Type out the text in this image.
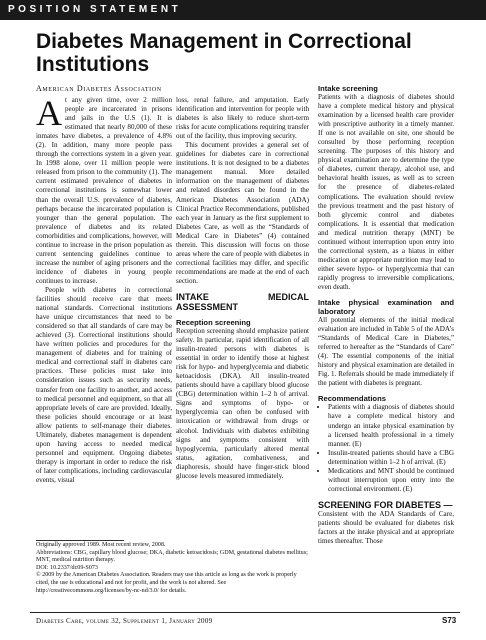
POSITION STATEMENT
Diabetes Management in Correctional Institutions
American Diabetes Association
A t any given time, over 2 million people are incarcerated in prisons and jails in the U.S (1). It is estimated that nearly 80,000 of these inmates have diabetes, a prevalence of 4.8% (2). In addition, many more people pass through the corrections system in a given year. In 1998 alone, over 11 million people were released from prison to the community (1). The current estimated prevalence of diabetes in correctional institutions is somewhat lower than the overall U.S. prevalence of diabetes, perhaps because the incarcerated population is younger than the general population. The prevalence of diabetes and its related comorbidities and complications, however, will continue to increase in the prison population as current sentencing guidelines continue to increase the number of aging prisoners and the incidence of diabetes in young people continues to increase.

People with diabetes in correctional facilities should receive care that meets national standards. Correctional institutions have unique circumstances that need to be considered so that all standards of care may be achieved (3). Correctional institutions should have written policies and procedures for the management of diabetes and for training of medical and correctional staff in diabetes care practices. These policies must take into consideration issues such as security needs, transfer from one facility to another, and access to medical personnel and equipment, so that all appropriate levels of care are provided. Ideally, these policies should encourage or at least allow patients to self-manage their diabetes. Ultimately, diabetes management is dependent upon having access to needed medical personnel and equipment. Ongoing diabetes therapy is important in order to reduce the risk of later complications, including cardiovascular events, visual

loss, renal failure, and amputation. Early identification and intervention for people with diabetes is also likely to reduce short-term risks for acute complications requiring transfer out of the facility, thus improving security.

This document provides a general set of guidelines for diabetes care in correctional institutions. It is not designed to be a diabetes management manual. More detailed information on the management of diabetes and related disorders can be found in the American Diabetes Association (ADA) Clinical Practice Recommendations, published each year in January as the first supplement to Diabetes Care, as well as the “Standards of Medical Care in Diabetes” (4) contained therein. This discussion will focus on those areas where the care of people with diabetes in correctional facilities may differ, and specific recommendations are made at the end of each section.

INTAKE MEDICAL ASSESSMENT
Reception screening

Reception screening should emphasize patient safety. In particular, rapid identification of all insulin-treated persons with diabetes is essential in order to identify those at highest risk for hypo- and hyperglycemia and diabetic ketoacidosis (DKA). All insulin-treated patients should have a capillary blood glucose (CBG) determination within 1–2 h of arrival. Signs and symptoms of hypo- or hyperglycemia can often be confused with intoxication or withdrawal from drugs or alcohol. Individuals with diabetes exhibiting signs and symptoms consistent with hypoglycemia, particularly altered mental status, agitation, combativeness, and diaphoresis, should have finger-stick blood glucose levels measured immediately.

Intake screening

Patients with a diagnosis of diabetes should have a complete medical history and physical examination by a licensed health care provider with prescriptive authority in a timely manner. If one is not available on site, one should be consulted by those performing reception screening. The purposes of this history and physical examination are to determine the type of diabetes, current therapy, alcohol use, and behavioral health issues, as well as to screen for the presence of diabetes-related complications. The evaluation should review the previous treatment and the past history of both glycemic control and diabetes complications. It is essential that medication and medical nutrition therapy (MNT) be continued without interruption upon entry into the correctional system, as a hiatus in either medication or appropriate nutrition may lead to either severe hypo- or hyperglycemia that can rapidly progress to irreversible complications, even death.

Intake physical examination and laboratory

All potential elements of the initial medical evaluation are included in Table 5 of the ADA’s “Standards of Medical Care in Diabetes,” referred to hereafter as the “Standards of Care” (4). The essential components of the initial history and physical examination are detailed in Fig. 1. Referrals should be made immediately if the patient with diabetes is pregnant.

Recommendations
• Patients with a diagnosis of diabetes should have a complete medical history and undergo an intake physical examination by a licensed health professional in a timely manner. (E)
• Insulin-treated patients should have a CBG determination within 1–2 h of arrival. (E)
• Medications and MNT should be continued without interruption upon entry into the correctional environment. (E)
SCREENING FOR DIABETES —

Consistent with the ADA Standards of Care, patients should be evaluated for diabetes risk factors at the intake physical and at appropriate times thereafter. Those

Originally approved 1989. Most recent review, 2008.
Abbreviations: CBG, capillary blood glucose; DKA, diabetic ketoacidosis; GDM, gestational diabetes mellitus; MNT, medical nutrition therapy.
DOI: 10.2337/dc09-S073
© 2009 by the American Diabetes Association. Readers may use this article as long as the work is properly cited, the use is educational and not for profit, and the work is not altered. See http://creativecommons.org/licenses/by-nc-nd/3.0/ for details.
Diabetes Care, volume 32, Supplement 1, January 2009	S73
